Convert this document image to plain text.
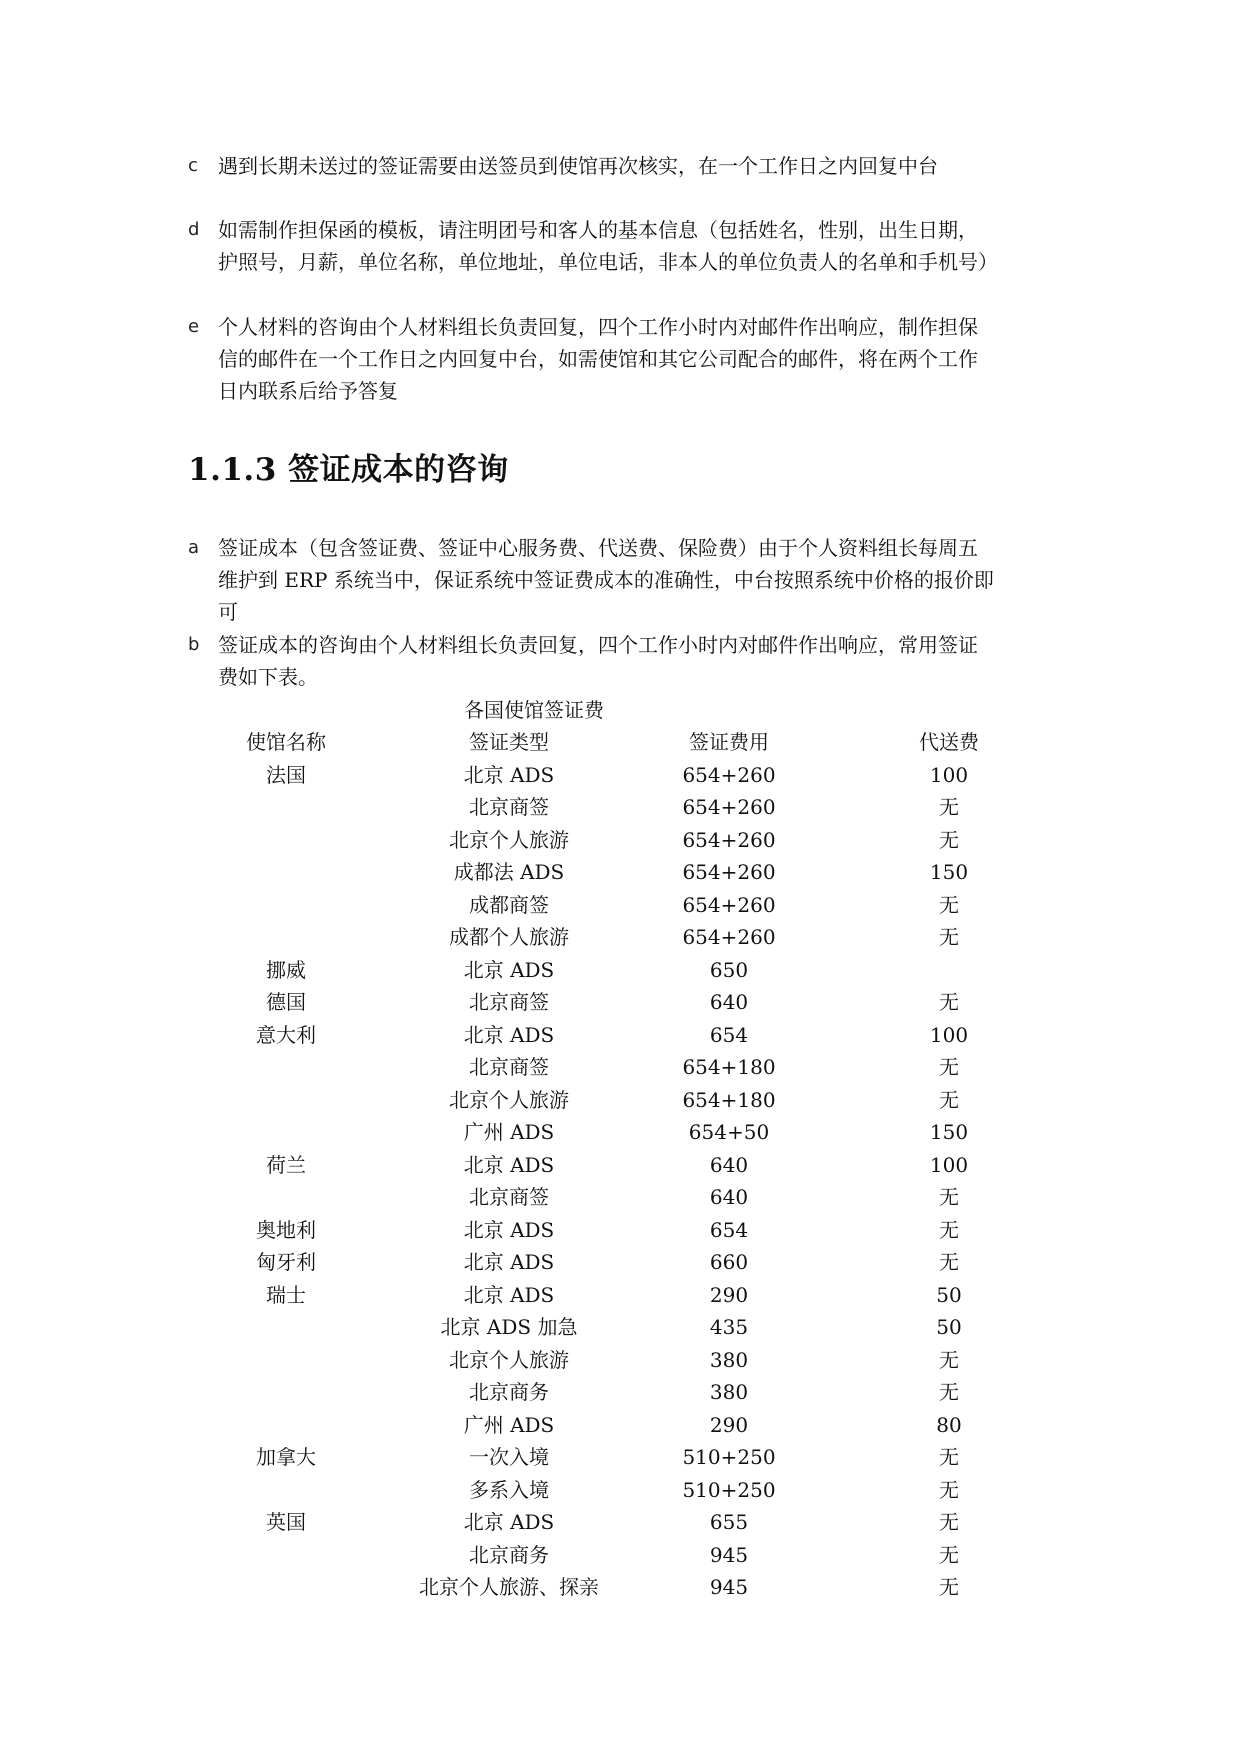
c	遇到长期未送过的签证需要由送签员到使馆再次核实，在一个工作日之内回复中台
d 如需制作担保函的模板，请注明团号和客人的基本信息（包括姓名，性别，出生日期，
护照号，月薪，单位名称，单位地址，单位电话，非本人的单位负责人的名单和手机号）
e 个人材料的咨询由个人材料组长负责回复，四个工作小时内对邮件作出响应，制作担保
信的邮件在一个工作日之内回复中台，如需使馆和其它公司配合的邮件，将在两个工作
日内联系后给予答复
1.1.3 签证成本的咨询
a 签证成本（包含签证费、签证中心服务费、代送费、保险费）由于个人资料组长每周五
维护到 ERP 系统当中，保证系统中签证费成本的准确性，中台按照系统中价格的报价即
可
b 签证成本的咨询由个人材料组长负责回复，四个工作小时内对邮件作出响应，常用签证
费如下表。
各国使馆签证费
使馆名称	签证类型	签证费用	代送费
法国	北京 ADS	654+260	100
	北京商签	654+260	无
	北京个人旅游	654+260	无
	成都法 ADS	654+260	150
	成都商签	654+260	无
	成都个人旅游	654+260	无
挪威	北京 ADS	650	
德国	北京商签	640	无
意大利	北京 ADS	654	100
	北京商签	654+180	无
	北京个人旅游	654+180	无
	广州 ADS	654+50	150
荷兰	北京 ADS	640	100
	北京商签	640	无
奥地利	北京 ADS	654	无
匈牙利	北京 ADS	660	无
瑞士	北京 ADS	290	50
	北京 ADS 加急	435	50
	北京个人旅游	380	无
	北京商务	380	无
	广州 ADS	290	80
加拿大	一次入境	510+250	无
	多系入境	510+250	无
英国	北京 ADS	655	无
	北京商务	945	无
	北京个人旅游、探亲	945	无
